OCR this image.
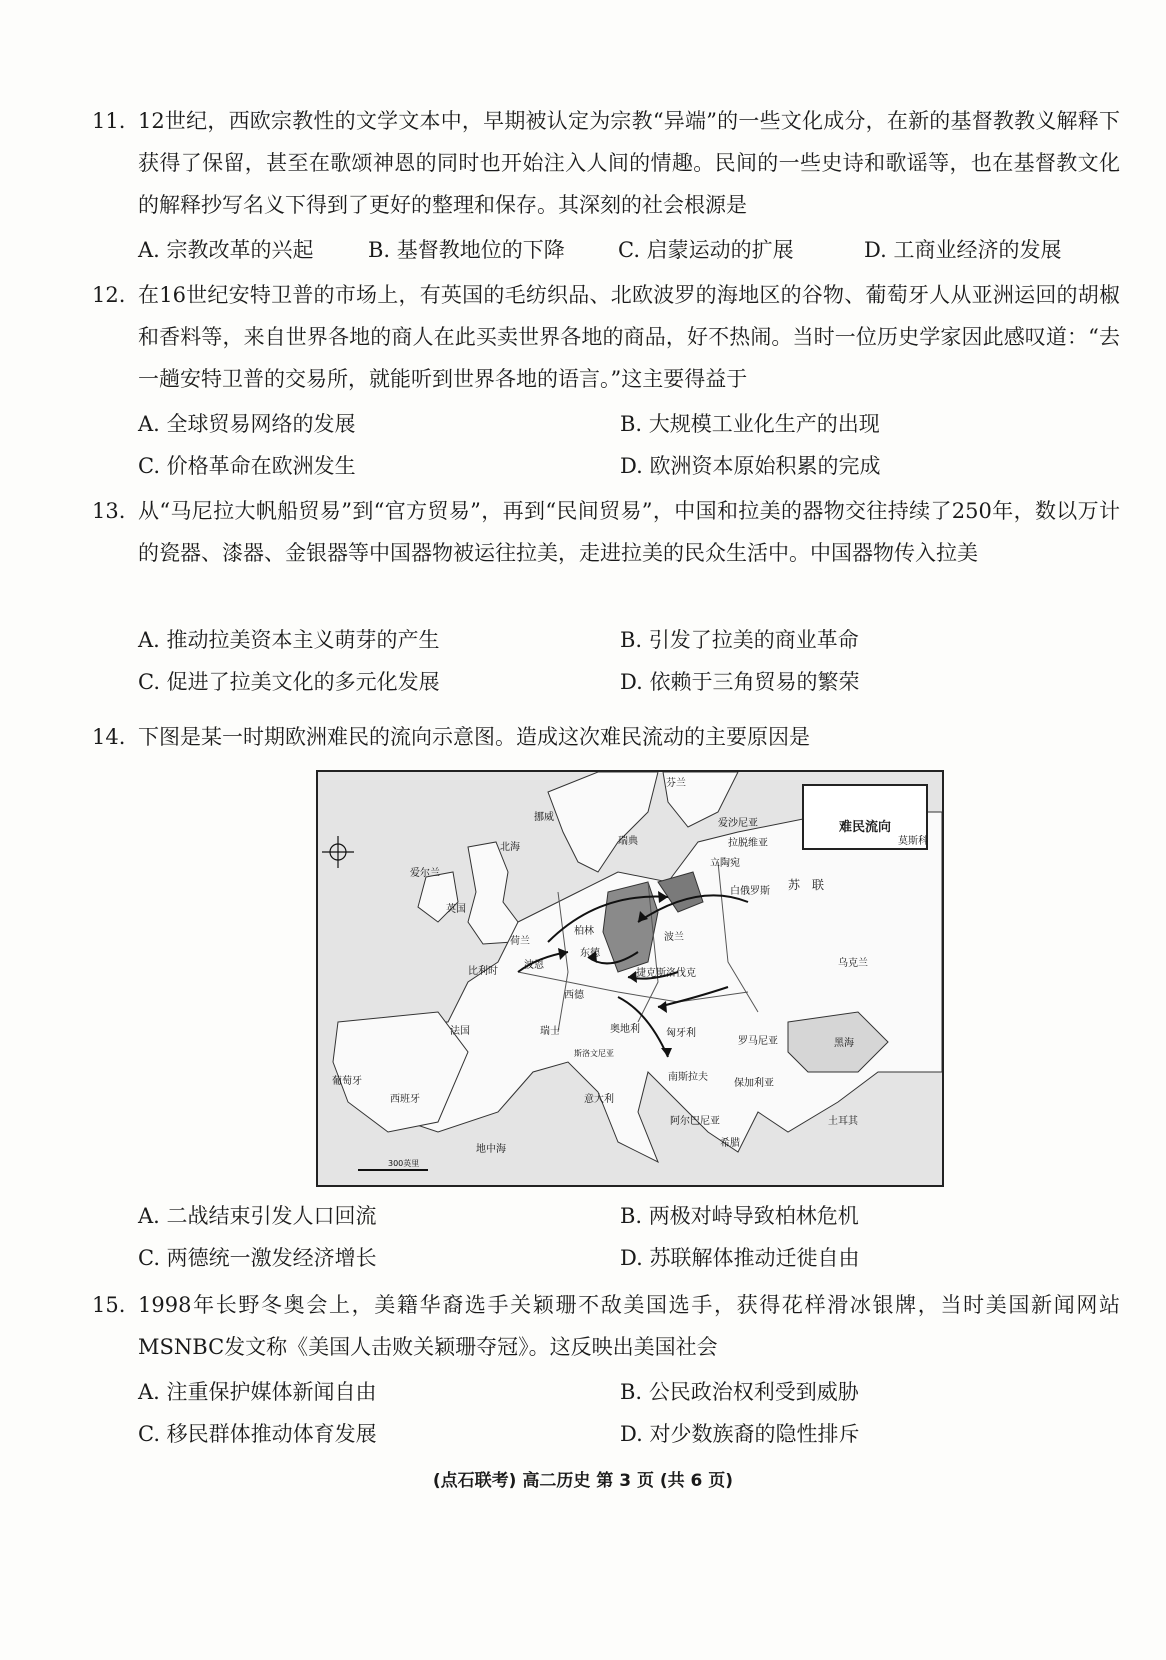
11. 12世纪，西欧宗教性的文学文本中，早期被认定为宗教“异端”的一些文化成分，在新的基督教教义解释下获得了保留，甚至在歌颂神恩的同时也开始注入人间的情趣。民间的一些史诗和歌谣等，也在基督教文化的解释抄写名义下得到了更好的整理和保存。其深刻的社会根源是
A. 宗教改革的兴起	B. 基督教地位的下降	C. 启蒙运动的扩展	D. 工商业经济的发展
12. 在16世纪安特卫普的市场上，有英国的毛纺织品、北欧波罗的海地区的谷物、葡萄牙人从亚洲运回的胡椒和香料等，来自世界各地的商人在此买卖世界各地的商品，好不热闹。当时一位历史学家因此感叹道：“去一趟安特卫普的交易所，就能听到世界各地的语言。”这主要得益于
A. 全球贸易网络的发展	B. 大规模工业化生产的出现
C. 价格革命在欧洲发生	D. 欧洲资本原始积累的完成
13. 从“马尼拉大帆船贸易”到“官方贸易”，再到“民间贸易”，中国和拉美的器物交往持续了250年，数以万计的瓷器、漆器、金银器等中国器物被运往拉美，走进拉美的民众生活中。中国器物传入拉美
A. 推动拉美资本主义萌芽的产生	B. 引发了拉美的商业革命
C. 促进了拉美文化的多元化发展	D. 依赖于三角贸易的繁荣
14. 下图是某一时期欧洲难民的流向示意图。造成这次难民流动的主要原因是
难民流向
芬兰
挪威
瑞典
爱沙尼亚
拉脱维亚
立陶宛
北海
爱尔兰
英国
荷兰
比利时
波恩
柏林
东德
西德
波兰
白俄罗斯 苏　联
莫斯科
捷克斯洛伐克
乌克兰
法国	瑞士	奥地利	匈牙利
罗马尼亚	黑海
斯洛文尼亚
南斯拉夫
保加利亚
葡萄牙
西班牙	意大利
阿尔巴尼亚
希腊
土耳其
地中海
300英里
A. 二战结束引发人口回流	B. 两极对峙导致柏林危机
C. 两德统一激发经济增长	D. 苏联解体推动迁徙自由
15. 1998年长野冬奥会上，美籍华裔选手关颖珊不敌美国选手，获得花样滑冰银牌，当时美国新闻网站MSNBC发文称《美国人击败关颖珊夺冠》。这反映出美国社会
A. 注重保护媒体新闻自由	B. 公民政治权利受到威胁
C. 移民群体推动体育发展	D. 对少数族裔的隐性排斥
(点石联考) 高二历史 第 3 页 (共 6 页)
